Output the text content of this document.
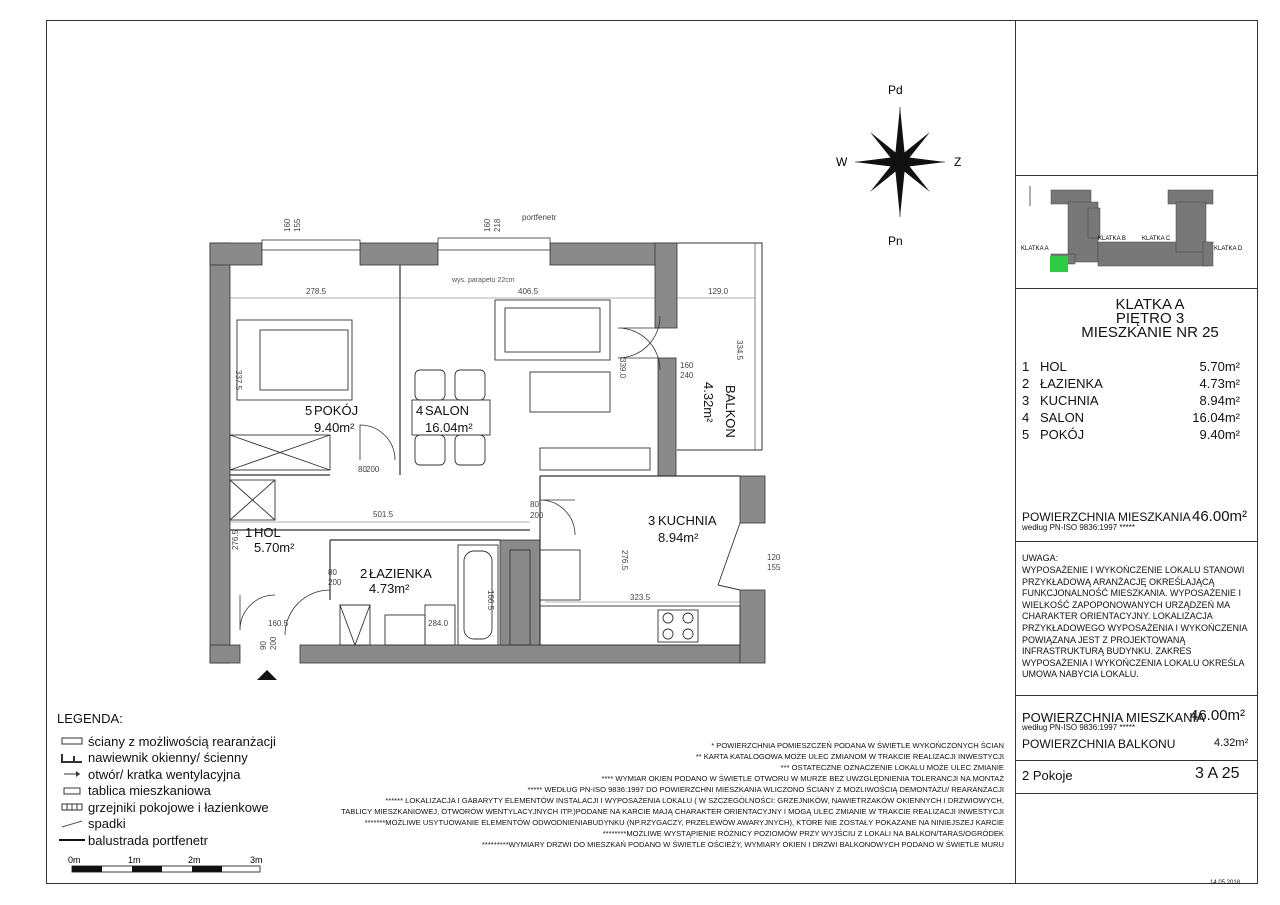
Pd
Pn
W	Z
KLATKA A
KLATKA B	KLATKA C
KLATKA D
278.5	406.5	129.0
334.5
337.5
339.0
501.5
276.5
323.5
276.5
160.5	284.0
166.5
160 155	160 218
160
240
80 200
80
200
80
200
90 200
120
155
portfenetr
wys. parapetu 22cm
5 POKÓJ
9.40m²
4 SALON
16.04m²
3 KUCHNIA
8.94m²
1 HOL
5.70m²
2 ŁAZIENKA
4.73m²
BALKON
4.32m²
KLATKA A
PIĘTRO 3
MIESZKANIE NR 25
1 HOL	5.70m²
2 ŁAZIENKA	4.73m²
3 KUCHNIA	8.94m²
4 SALON	16.04m²
5 POKÓJ	9.40m²
POWIERZCHNIA MIESZKANIA
według PN-ISO 9836:1997 *****
46.00m²
UWAGA:
WYPOSAŻENIE I WYKOŃCZENIE LOKALU STANOWI PRZYKŁADOWĄ ARANŻACJĘ OKREŚLAJĄCĄ FUNKCJONALNOŚĆ MIESZKANIA. WYPOSAŻENIE I WIELKOŚĆ ZAPOPONOWANYCH URZĄDZEŃ MA CHARAKTER ORIENTACYJNY. LOKALIZACJA PRZYKŁADOWEGO WYPOSAŻENIA I WYKOŃCZENIA POWIĄZANA JEST Z PROJEKTOWANĄ INFRASTRUKTURĄ BUDYNKU. ZAKRES WYPOSAŻENIA I WYKOŃCZENIA LOKALU OKREŚLA UMOWA NABYCIA LOKALU.
POWIERZCHNIA MIESZKANIA
według PN-ISO 9836:1997 *****
46.00m²
POWIERZCHNIA BALKONU	4.32m²
2 Pokoje	3 A 25
LEGENDA:
ściany z możliwością rearanżacji
nawiewnik okienny/ ścienny
otwór/ kratka wentylacyjna
tablica mieszkaniowa
grzejniki pokojowe i łazienkowe
spadki
balustrada portfenetr
0m	1m	2m	3m
* POWIERZCHNIA POMIESZCZEŃ PODANA W ŚWIETLE WYKOŃCZONYCH ŚCIAN
** KARTA KATALOGOWA MOŻE ULEC ZMIANOM W TRAKCIE REALIZACJI INWESTYCJI
*** OSTATECZNE OZNACZENIE LOKALU MOŻE ULEC ZMIANIE
**** WYMIAR OKIEN PODANO W ŚWIETLE OTWORU W MURZE BEZ UWZGLĘDNIENIA TOLERANCJI NA MONTAŻ
***** WEDŁUG PN-ISO 9836:1997 DO POWIERZCHNI MIESZKANIA WLICZONO ŚCIANY Z MOŻLIWOŚCIĄ DEMONTAŻU/ REARANŻACJI
****** LOKALIZACJA I GABARYTY ELEMENTÓW INSTALACJI I WYPOSAŻENIA LOKALU ( W SZCZEGÓLNOŚCI: GRZEJNIKÓW, NAWIETRZAKÓW OKIENNYCH I DRZWIOWYCH,
TABLICY MIESZKANIOWEJ, OTWORÓW WENTYLACYJNYCH ITP.)PODANE NA KARCIE MAJĄ CHARAKTER ORIENTACYJNY I MOGĄ ULEC ZMIANIE W TRAKCIE REALIZACJI INWESTYCJI
*******MOŻLIWE USYTUOWANIE ELEMENTÓW ODWODNIENIABUDYNKU (NP.RZYGACZY, PRZELEWÓW AWARYJNYCH), KTÓRE NIE ZOSTAŁY POKAZANE NA NINIEJSZEJ KARCIE
********MOŻLIWE WYSTĄPIENIE RÓŻNICY POZIOMÓW PRZY WYJŚCIU Z LOKALI NA BALKON/TARAS/OGRÓDEK
*********WYMIARY DRZWI DO MIESZKAŃ PODANO W ŚWIETLE OŚCIEŻY, WYMIARY OKIEN I DRZWI BALKONOWYCH PODANO W ŚWIETLE MURU
14.05.2018
